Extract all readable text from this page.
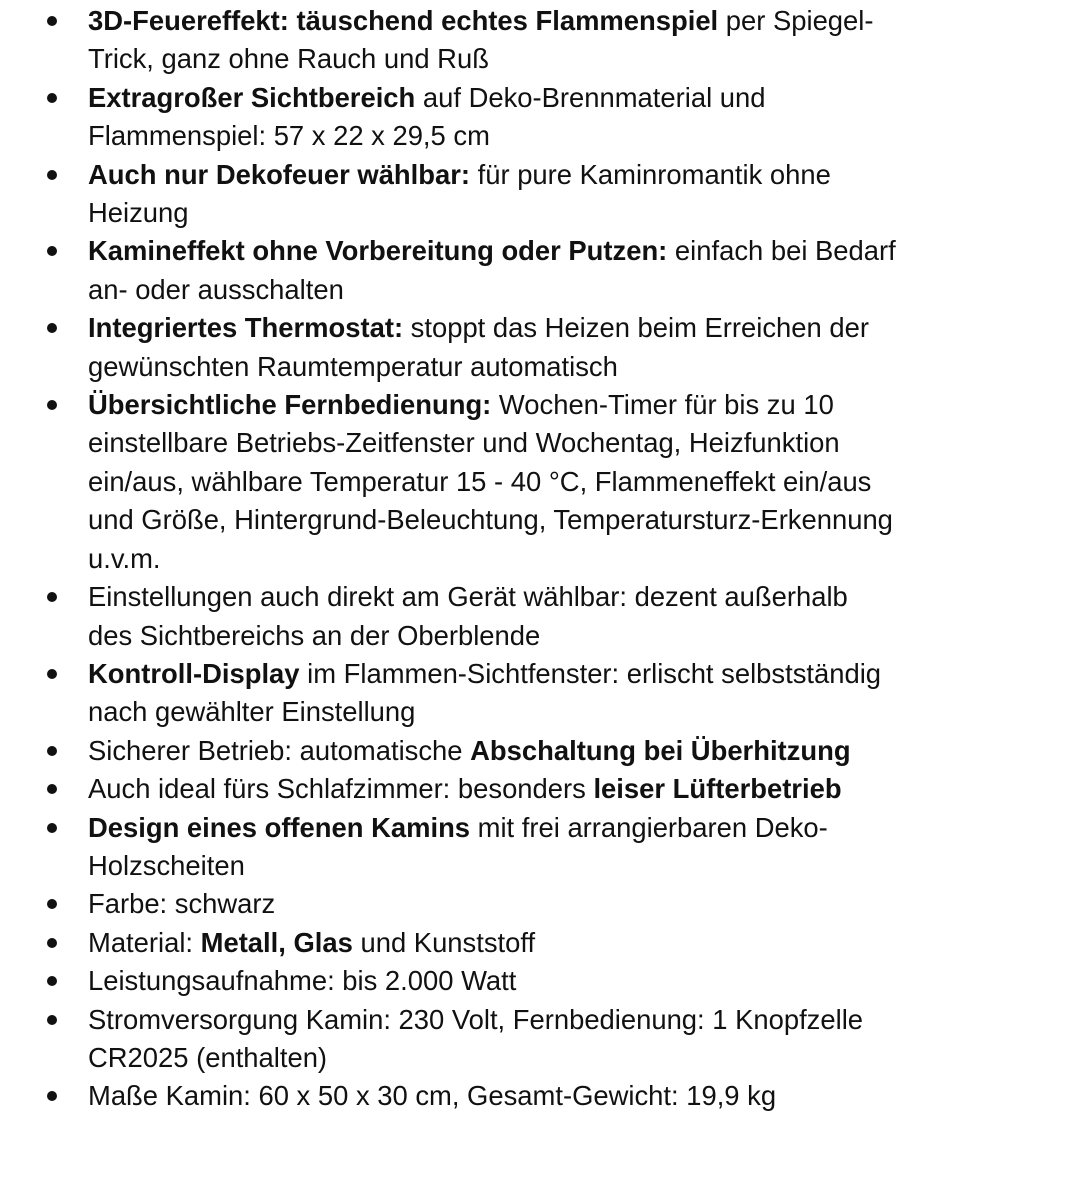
3D-Feuereffekt: täuschend echtes Flammenspiel per Spiegel-Trick, ganz ohne Rauch und Ruß
Extragroßer Sichtbereich auf Deko-Brennmaterial und Flammenspiel: 57 x 22 x 29,5 cm
Auch nur Dekofeuer wählbar: für pure Kaminromantik ohne Heizung
Kamineffekt ohne Vorbereitung oder Putzen: einfach bei Bedarf an- oder ausschalten
Integriertes Thermostat: stoppt das Heizen beim Erreichen der gewünschten Raumtemperatur automatisch
Übersichtliche Fernbedienung: Wochen-Timer für bis zu 10 einstellbare Betriebs-Zeitfenster und Wochentag, Heizfunktion ein/aus, wählbare Temperatur 15 - 40 °C, Flammeneffekt ein/aus und Größe, Hintergrund-Beleuchtung, Temperatursturz-Erkennung u.v.m.
Einstellungen auch direkt am Gerät wählbar: dezent außerhalb des Sichtbereichs an der Oberblende
Kontroll-Display im Flammen-Sichtfenster: erlischt selbstständig nach gewählter Einstellung
Sicherer Betrieb: automatische Abschaltung bei Überhitzung
Auch ideal fürs Schlafzimmer: besonders leiser Lüfterbetrieb
Design eines offenen Kamins mit frei arrangierbaren Deko-Holzscheiten
Farbe: schwarz
Material: Metall, Glas und Kunststoff
Leistungsaufnahme: bis 2.000 Watt
Stromversorgung Kamin: 230 Volt, Fernbedienung: 1 Knopfzelle CR2025 (enthalten)
Maße Kamin: 60 x 50 x 30 cm, Gesamt-Gewicht: 19,9 kg
